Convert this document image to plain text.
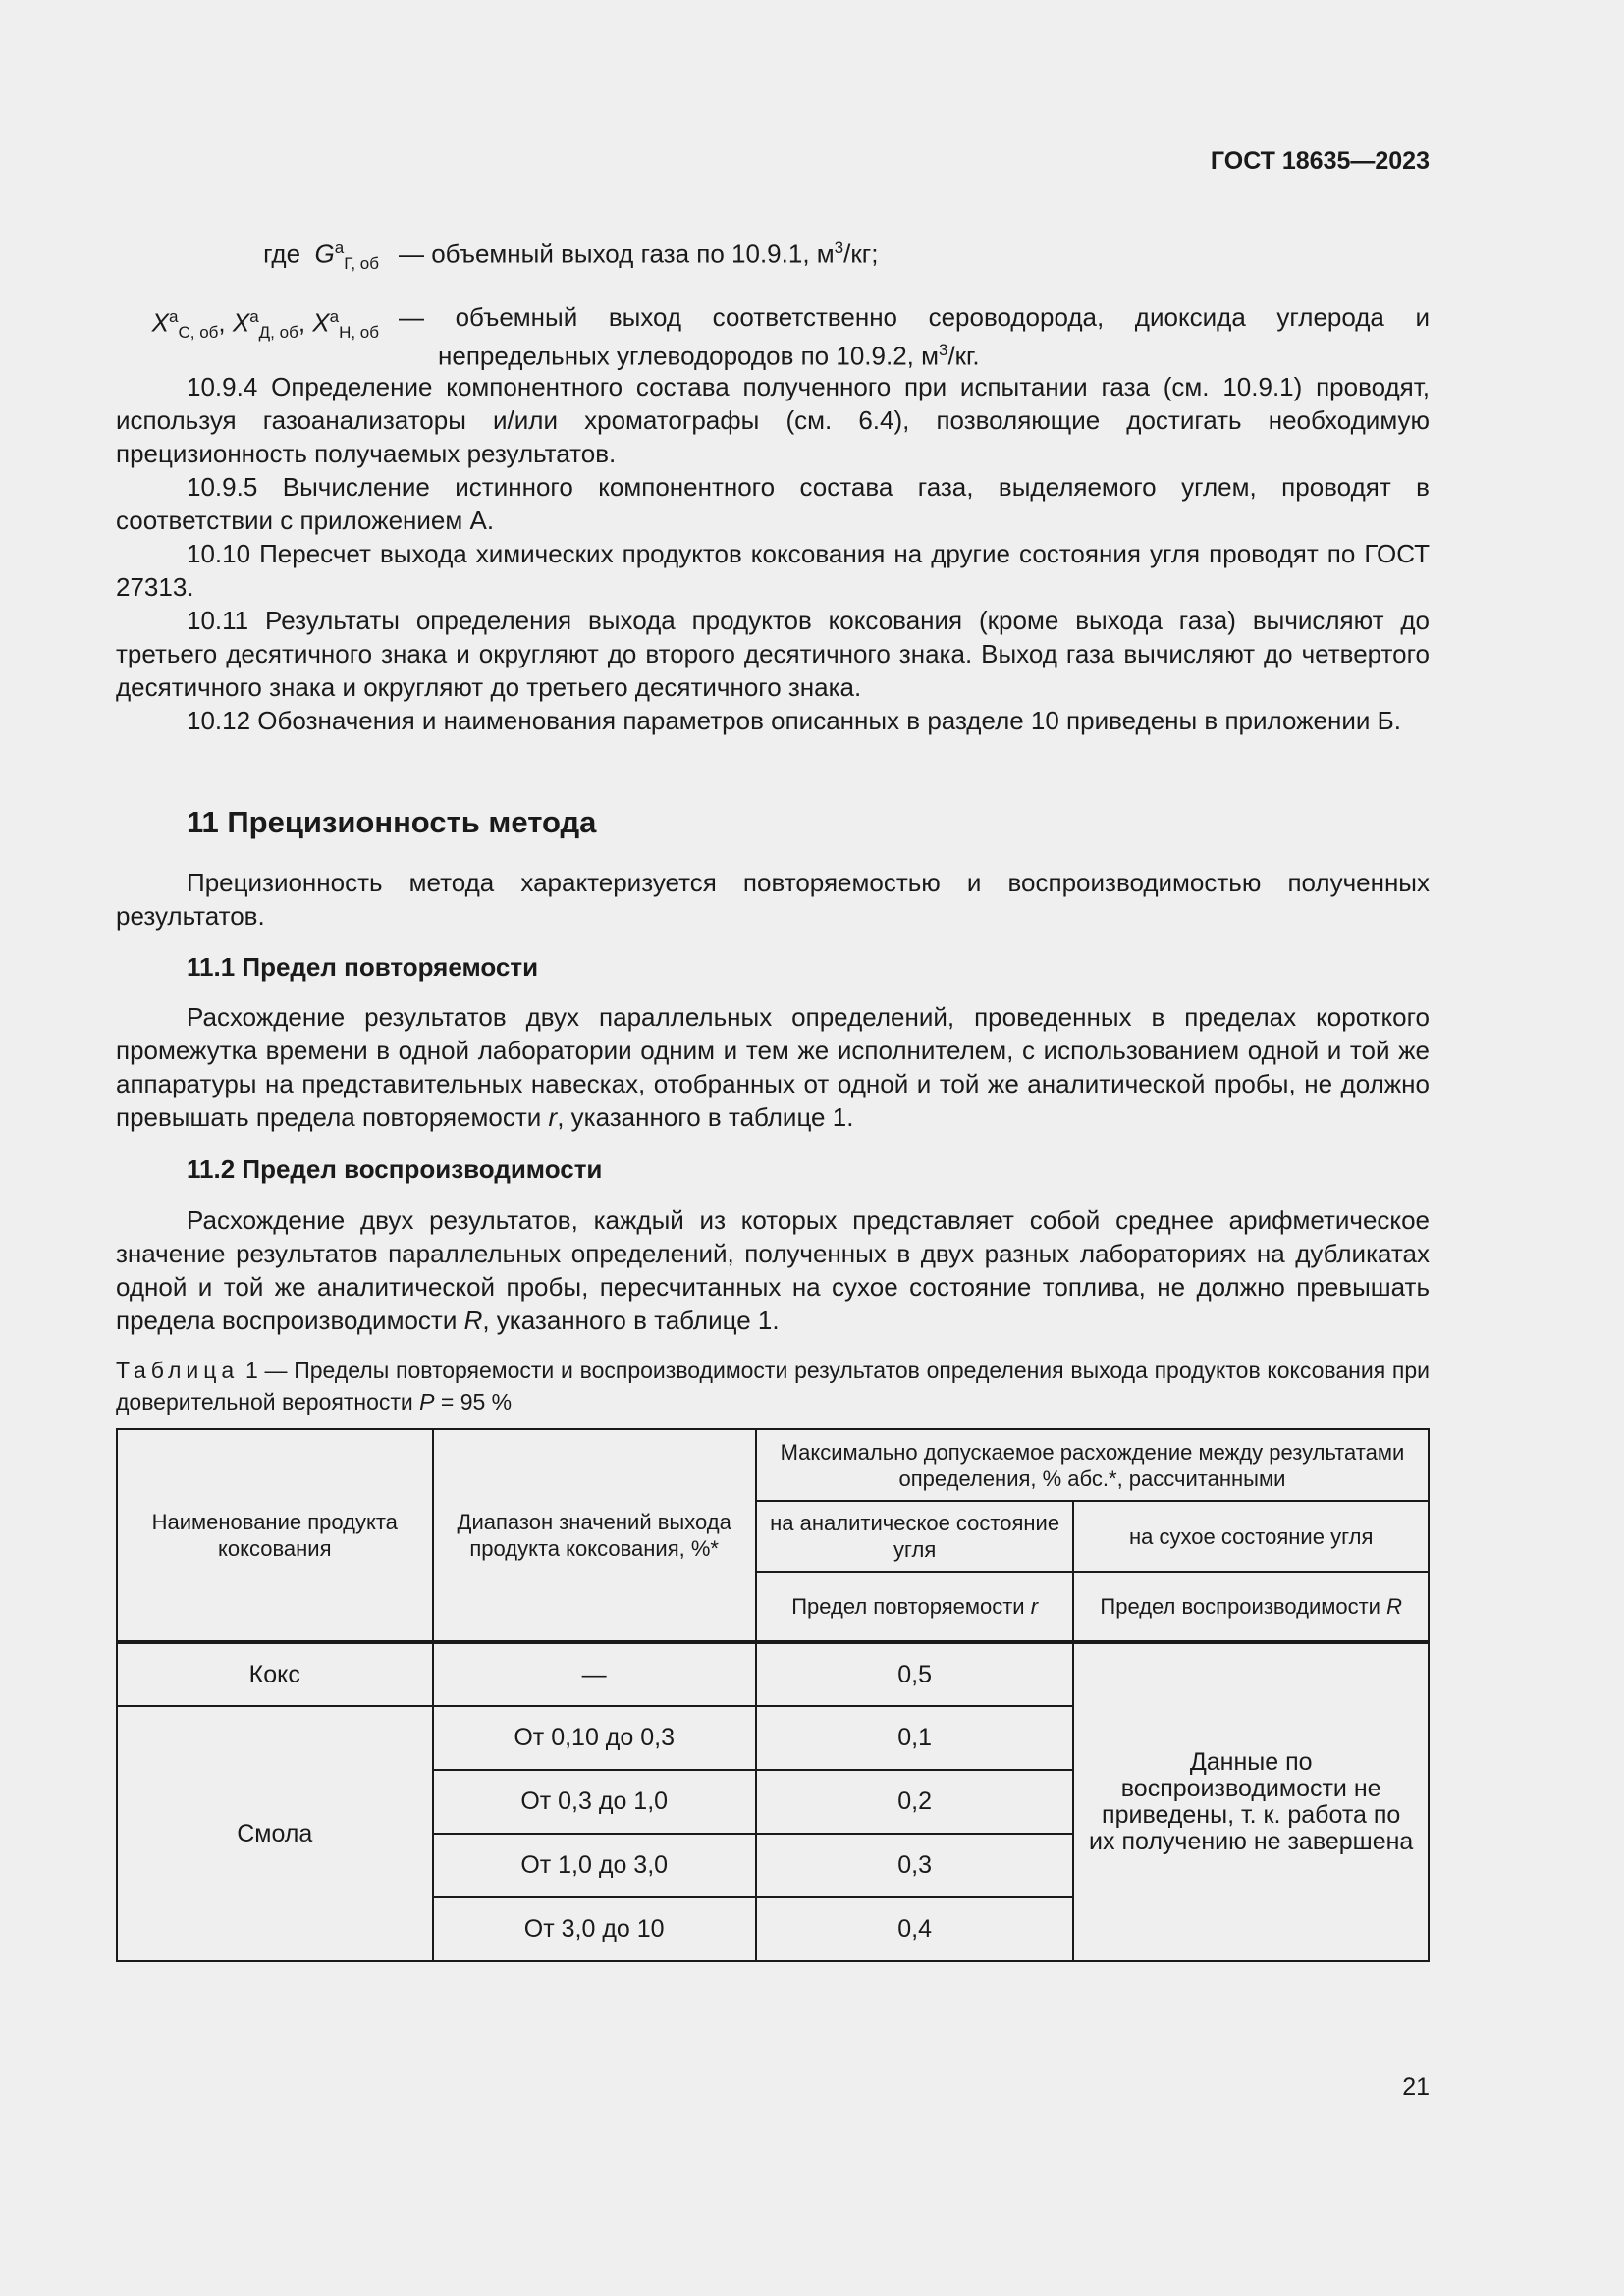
ГОСТ 18635—2023
где $G^a_{Г, об}$ — объемный выход газа по 10.9.1, $м^3/кг$;
$X^a_{С, об}$, $X^a_{Д, об}$, $X^a_{Н, об}$
— объемный выход соответственно сероводорода, диоксида углерода и непредельных углеводородов по 10.9.2, $м^3/кг$.

10.9.4 Определение компонентного состава полученного при испытании газа (см. 10.9.1) проводят, используя газоанализаторы и/или хроматографы (см. 6.4), позволяющие достигать необходимую прецизионность получаемых результатов.

10.9.5 Вычисление истинного компонентного состава газа, выделяемого углем, проводят в соответствии с приложением А.

10.10 Пересчет выхода химических продуктов коксования на другие состояния угля проводят по ГОСТ 27313.

10.11 Результаты определения выхода продуктов коксования (кроме выхода газа) вычисляют до третьего десятичного знака и округляют до второго десятичного знака. Выход газа вычисляют до четвертого десятичного знака и округляют до третьего десятичного знака.

10.12 Обозначения и наименования параметров описанных в разделе 10 приведены в приложении Б.

11 Прецизионность метода

Прецизионность метода характеризуется повторяемостью и воспроизводимостью полученных результатов.

11.1 Предел повторяемости

Расхождение результатов двух параллельных определений, проведенных в пределах короткого промежутка времени в одной лаборатории одним и тем же исполнителем, с использованием одной и той же аппаратуры на представительных навесках, отобранных от одной и той же аналитической пробы, не должно превышать предела повторяемости r, указанного в таблице 1.

11.2 Предел воспроизводимости

Расхождение двух результатов, каждый из которых представляет собой среднее арифметическое значение результатов параллельных определений, полученных в двух разных лабораториях на дубликатах одной и той же аналитической пробы, пересчитанных на сухое состояние топлива, не должно превышать предела воспроизводимости R, указанного в таблице 1.

Таблица 1 — Пределы повторяемости и воспроизводимости результатов определения выхода продуктов коксования при доверительной вероятности P = 95 %
Наименование продукта коксования	Диапазон значений выхода продукта коксования, %*	Максимально допускаемое расхождение между результатами определения, % абс.*, рассчитанными	
		на аналитическое состояние угля	на сухое состояние угля
		Предел повторяемости r	Предел воспроизводимости R
Кокс	—	0,5	Данные по воспроизводимости не приведены, т. к. работа по их получению не завершена
Смола	От 0,10 до 0,3	0,1	
	От 0,3 до 1,0	0,2	
	От 1,0 до 3,0	0,3	
	От 3,0 до 10	0,4	
21
